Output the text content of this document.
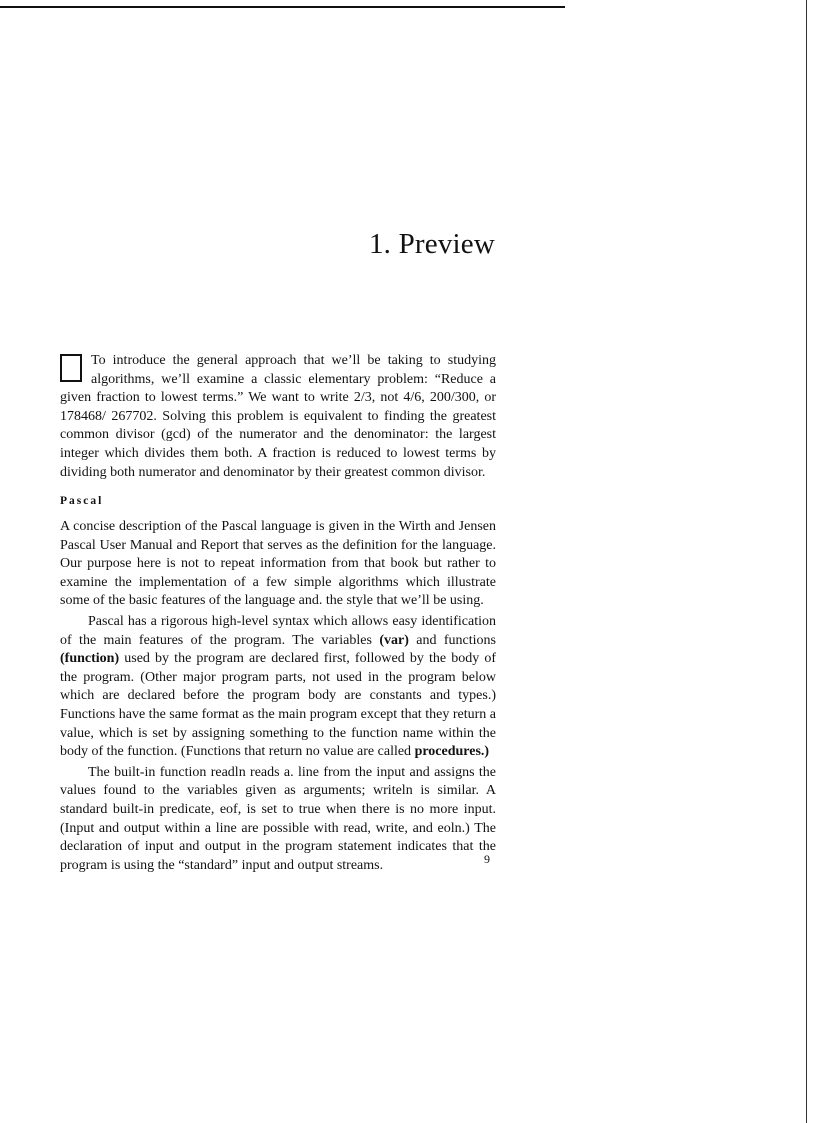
1. Preview

To introduce the general approach that we’ll be taking to studying algorithms, we’ll examine a classic elementary problem: “Reduce a given fraction to lowest terms.” We want to write 2/3, not 4/6, 200/300, or 178468/ 267702. Solving this problem is equivalent to finding the greatest common divisor (gcd) of the numerator and the denominator: the largest integer which divides them both. A fraction is reduced to lowest terms by dividing both numerator and denominator by their greatest common divisor.

Pascal

A concise description of the Pascal language is given in the Wirth and Jensen Pascal User Manual and Report that serves as the definition for the language. Our purpose here is not to repeat information from that book but rather to examine the implementation of a few simple algorithms which illustrate some of the basic features of the language and. the style that we’ll be using.

Pascal has a rigorous high-level syntax which allows easy identification of the main features of the program. The variables (var) and functions (function) used by the program are declared first, followed by the body of the program. (Other major program parts, not used in the program below which are declared before the program body are constants and types.) Functions have the same format as the main program except that they return a value, which is set by assigning something to the function name within the body of the function. (Functions that return no value are called procedures.)

The built-in function readln reads a. line from the input and assigns the values found to the variables given as arguments; writeln is similar. A standard built-in predicate, eof, is set to true when there is no more input. (Input and output within a line are possible with read, write, and eoln.) The declaration of input and output in the program statement indicates that the program is using the “standard” input and output streams.	9
